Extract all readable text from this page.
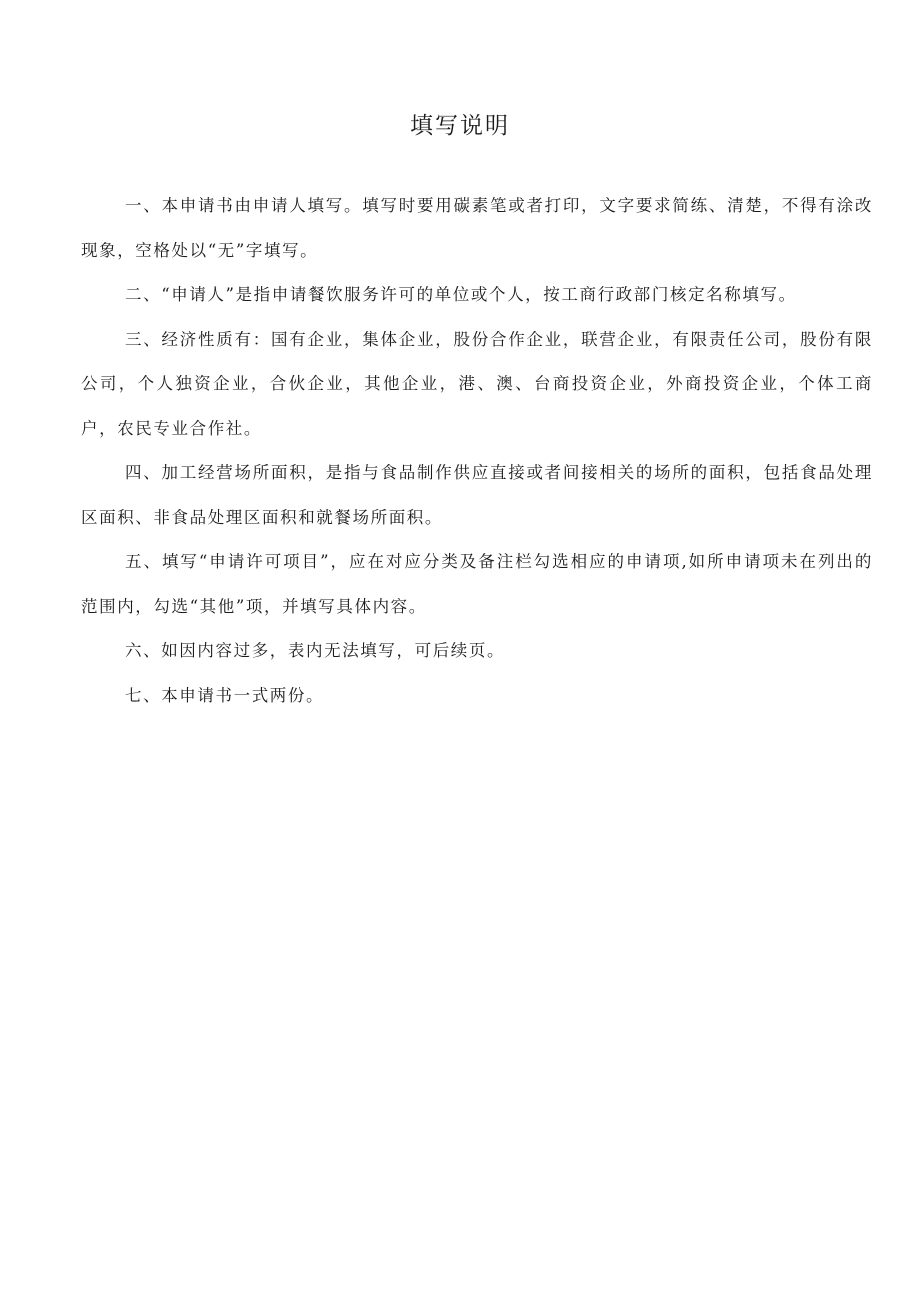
填写说明

一、本申请书由申请人填写。填写时要用碳素笔或者打印，文字要求简练、清楚，不得有涂改现象，空格处以“无”字填写。

二、“申请人”是指申请餐饮服务许可的单位或个人，按工商行政部门核定名称填写。

三、经济性质有：国有企业，集体企业，股份合作企业，联营企业，有限责任公司，股份有限公司，个人独资企业，合伙企业，其他企业，港、澳、台商投资企业，外商投资企业，个体工商户，农民专业合作社。

四、加工经营场所面积，是指与食品制作供应直接或者间接相关的场所的面积，包括食品处理区面积、非食品处理区面积和就餐场所面积。

五、填写“申请许可项目”，应在对应分类及备注栏勾选相应的申请项,如所申请项未在列出的范围内，勾选“其他”项，并填写具体内容。

六、如因内容过多，表内无法填写，可后续页。

七、本申请书一式两份。
